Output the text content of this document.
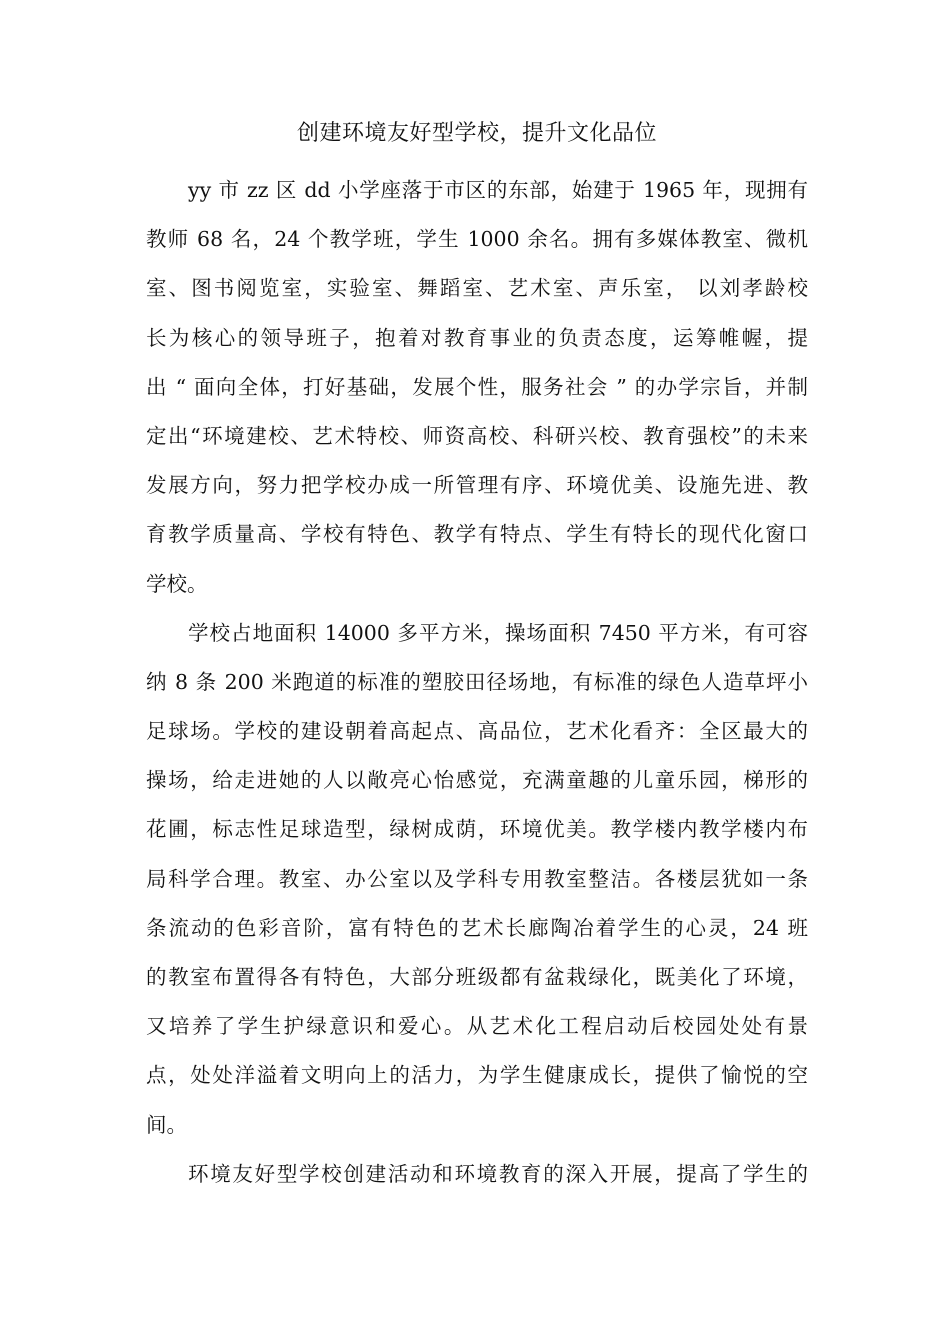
创建环境友好型学校，提升文化品位
yy 市 zz 区 dd 小学座落于市区的东部，始建于 1965 年，现拥有
教师 68 名，24 个教学班，学生 1000 余名。拥有多媒体教室、微机
室、图书阅览室，实验室、舞蹈室、艺术室、声乐室， 以刘孝龄校
长为核心的领导班子，抱着对教育事业的负责态度，运筹帷幄，提
出 “ 面向全体，打好基础，发展个性，服务社会 ” 的办学宗旨，并制
定出“环境建校、艺术特校、师资高校、科研兴校、教育强校”的未来
发展方向，努力把学校办成一所管理有序、环境优美、设施先进、教
育教学质量高、学校有特色、教学有特点、学生有特长的现代化窗口
学校。
学校占地面积 14000 多平方米，操场面积 7450 平方米，有可容
纳 8 条 200 米跑道的标准的塑胶田径场地，有标准的绿色人造草坪小
足球场。学校的建设朝着高起点、高品位，艺术化看齐：全区最大的
操场，给走进她的人以敞亮心怡感觉，充满童趣的儿童乐园，梯形的
花圃，标志性足球造型，绿树成荫，环境优美。教学楼内教学楼内布
局科学合理。教室、办公室以及学科专用教室整洁。各楼层犹如一条
条流动的色彩音阶，富有特色的艺术长廊陶冶着学生的心灵，24 班
的教室布置得各有特色，大部分班级都有盆栽绿化，既美化了环境，
又培养了学生护绿意识和爱心。从艺术化工程启动后校园处处有景
点，处处洋溢着文明向上的活力，为学生健康成长，提供了愉悦的空
间。
环境友好型学校创建活动和环境教育的深入开展，提高了学生的
